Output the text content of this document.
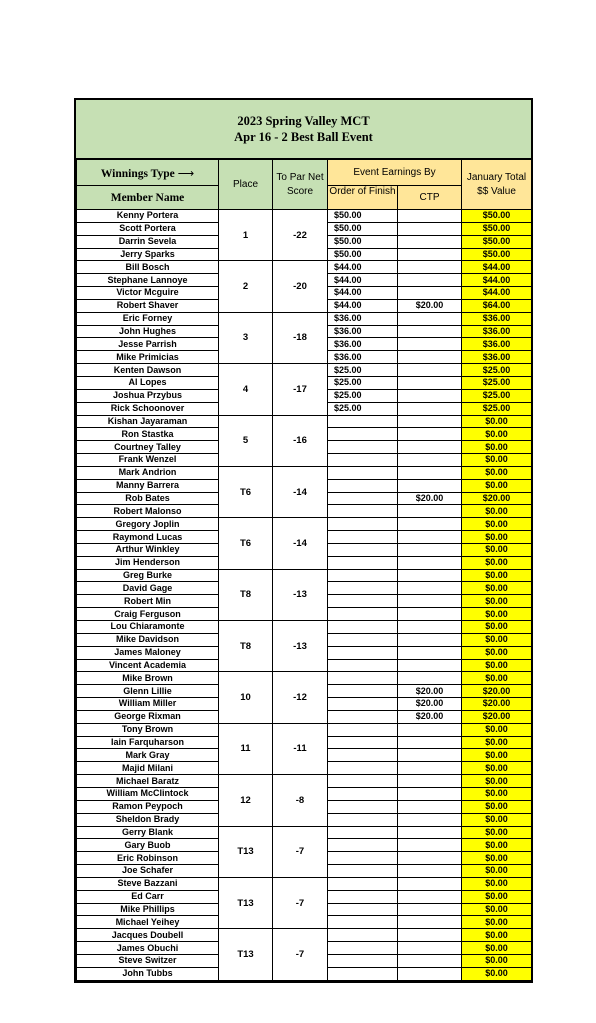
2023 Spring Valley MCT
Apr 16 - 2 Best Ball Event
Winnings Type ⟶	Place	To Par Net Score	Event Earnings By		January Total $$ Value
Member Name			Order of Finish	CTP	
Kenny Portera	1	-22	$50.00		$50.00
Scott Portera			$50.00		$50.00
Darrin Sevela			$50.00		$50.00
Jerry Sparks			$50.00		$50.00
Bill Bosch	2	-20	$44.00		$44.00
Stephane Lannoye			$44.00		$44.00
Victor Mcguire			$44.00		$44.00
Robert Shaver			$44.00	$20.00	$64.00
Eric Forney	3	-18	$36.00		$36.00
John Hughes			$36.00		$36.00
Jesse Parrish			$36.00		$36.00
Mike Primicias			$36.00		$36.00
Kenten Dawson	4	-17	$25.00		$25.00
Al Lopes			$25.00		$25.00
Joshua Przybus			$25.00		$25.00
Rick Schoonover			$25.00		$25.00
Kishan Jayaraman	5	-16			$0.00
Ron Stastka					$0.00
Courtney Talley					$0.00
Frank Wenzel					$0.00
Mark Andrion	T6	-14			$0.00
Manny Barrera					$0.00
Rob Bates				$20.00	$20.00
Robert Malonso					$0.00
Gregory Joplin	T6	-14			$0.00
Raymond Lucas					$0.00
Arthur Winkley					$0.00
Jim Henderson					$0.00
Greg Burke	T8	-13			$0.00
David Gage					$0.00
Robert Min					$0.00
Craig Ferguson					$0.00
Lou Chiaramonte	T8	-13			$0.00
Mike Davidson					$0.00
James Maloney					$0.00
Vincent Academia					$0.00
Mike Brown	10	-12			$0.00
Glenn Lillie				$20.00	$20.00
William Miller				$20.00	$20.00
George Rixman				$20.00	$20.00
Tony Brown	11	-11			$0.00
Iain Farquharson					$0.00
Mark Gray					$0.00
Majid Milani					$0.00
Michael Baratz	12	-8			$0.00
William McClintock					$0.00
Ramon Peypoch					$0.00
Sheldon Brady					$0.00
Gerry Blank	T13	-7			$0.00
Gary Buob					$0.00
Eric Robinson					$0.00
Joe Schafer					$0.00
Steve Bazzani	T13	-7			$0.00
Ed Carr					$0.00
Mike Phillips					$0.00
Michael Yeihey					$0.00
Jacques Doubell	T13	-7			$0.00
James Obuchi					$0.00
Steve Switzer					$0.00
John Tubbs					$0.00
